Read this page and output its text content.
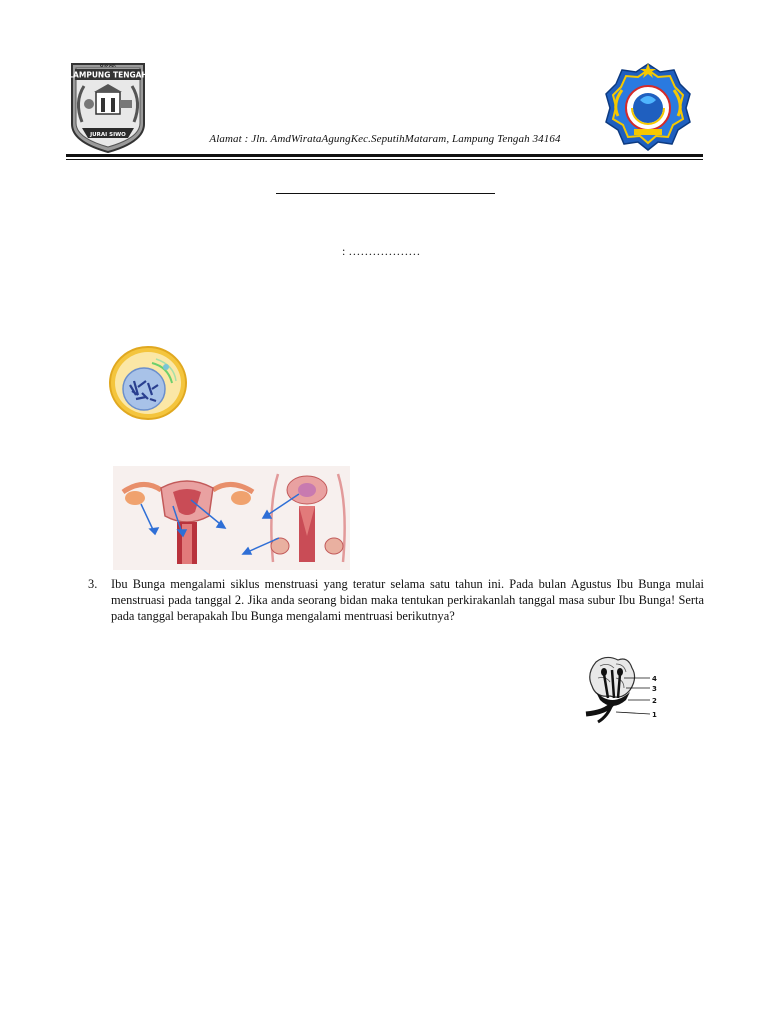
ᨔᨀᨒ
LAMPUNG TENGAH
JURAI SIWO	Alamat : Jln. AmdWirataAgungKec.SeputihMataram, Lampung Tengah 34164
: ………………
3. Ibu Bunga mengalami siklus menstruasi yang teratur selama satu tahun ini. Pada bulan Agustus Ibu Bunga mulai menstruasi pada tanggal 2. Jika anda seorang bidan maka tentukan perkirakanlah tanggal masa subur Ibu Bunga! Serta pada tanggal berapakah Ibu Bunga mengalami mentruasi berikutnya?
4
3
2
1
